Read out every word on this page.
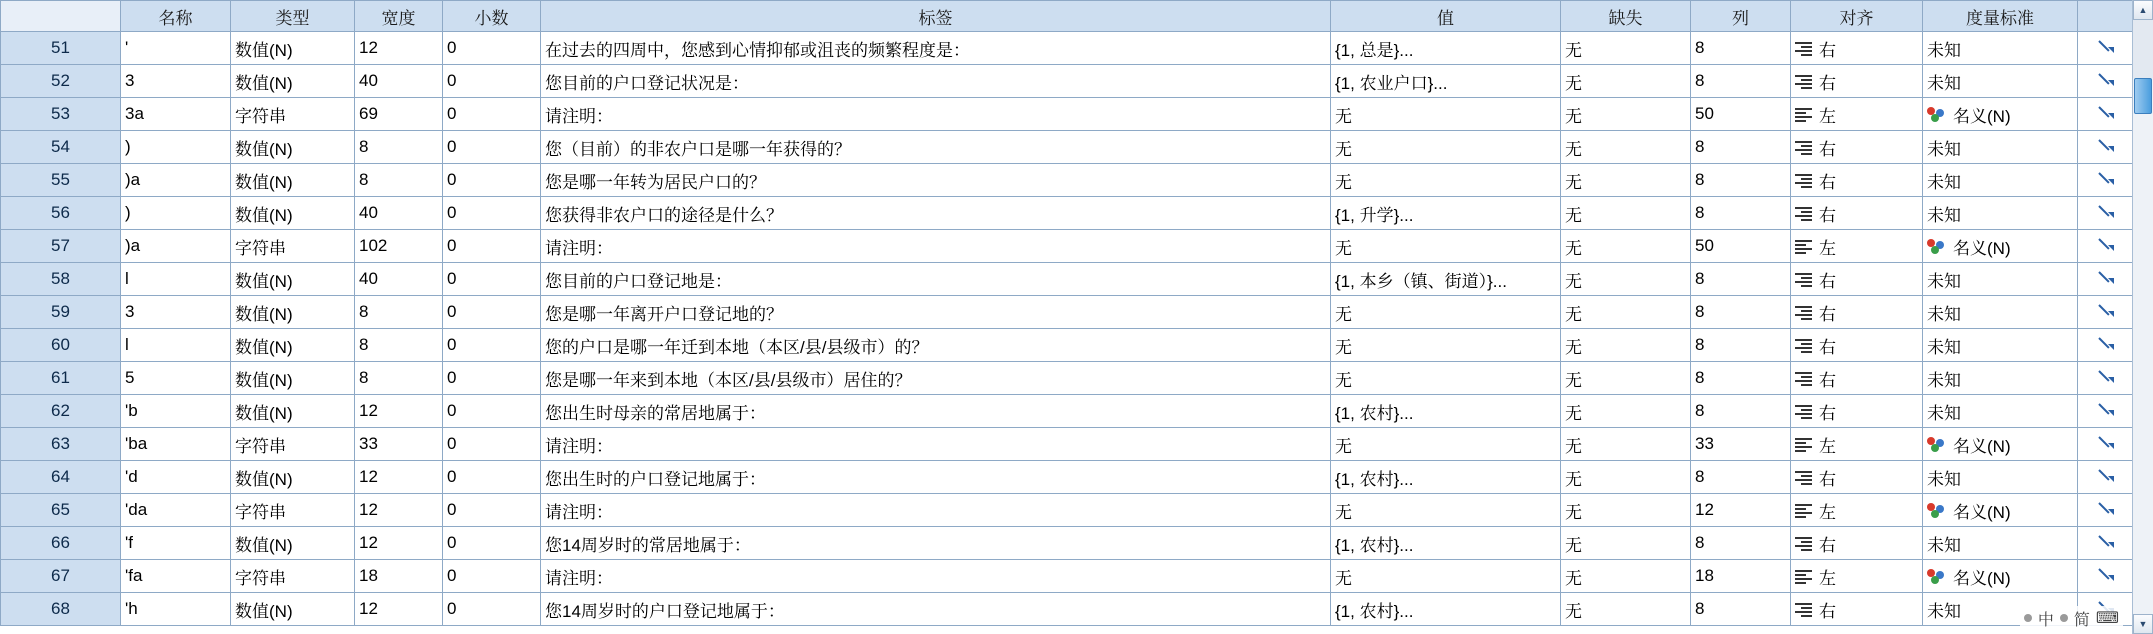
	名称	类型	宽度	小数	标签	值	缺失	列	对齐	度量标准	
51	'	数值(N)	12	0	在过去的四周中，您感到心情抑郁或沮丧的频繁程度是：	{1, 总是}...	无	8	右	未知	

52	3	数值(N)	40	0	您目前的户口登记状况是：	{1, 农业户口}...	无	8	右	未知	

53	3a	字符串	69	0	请注明：	无	无	50	左	名义(N)	

54	)	数值(N)	8	0	您（目前）的非农户口是哪一年获得的？	无	无	8	右	未知	

55	)a	数值(N)	8	0	您是哪一年转为居民户口的？	无	无	8	右	未知	

56	)	数值(N)	40	0	您获得非农户口的途径是什么？	{1, 升学}...	无	8	右	未知	

57	)a	字符串	102	0	请注明：	无	无	50	左	名义(N)	

58	l	数值(N)	40	0	您目前的户口登记地是：	{1, 本乡（镇、街道）}...	无	8	右	未知	

59	3	数值(N)	8	0	您是哪一年离开户口登记地的？	无	无	8	右	未知	

60	l	数值(N)	8	0	您的户口是哪一年迁到本地（本区/县/县级市）的？	无	无	8	右	未知	

61	5	数值(N)	8	0	您是哪一年来到本地（本区/县/县级市）居住的？	无	无	8	右	未知	

62	'b	数值(N)	12	0	您出生时母亲的常居地属于：	{1, 农村}...	无	8	右	未知	

63	'ba	字符串	33	0	请注明：	无	无	33	左	名义(N)	

64	'd	数值(N)	12	0	您出生时的户口登记地属于：	{1, 农村}...	无	8	右	未知	

65	'da	字符串	12	0	请注明：	无	无	12	左	名义(N)	

66	'f	数值(N)	12	0	您14周岁时的常居地属于：	{1, 农村}...	无	8	右	未知	

67	'fa	字符串	18	0	请注明：	无	无	18	左	名义(N)	

68	'h	数值(N)	12	0	您14周岁时的户口登记地属于：	{1, 农村}...	无	8	右	未知	

▲
▼
中 简 ⌨
